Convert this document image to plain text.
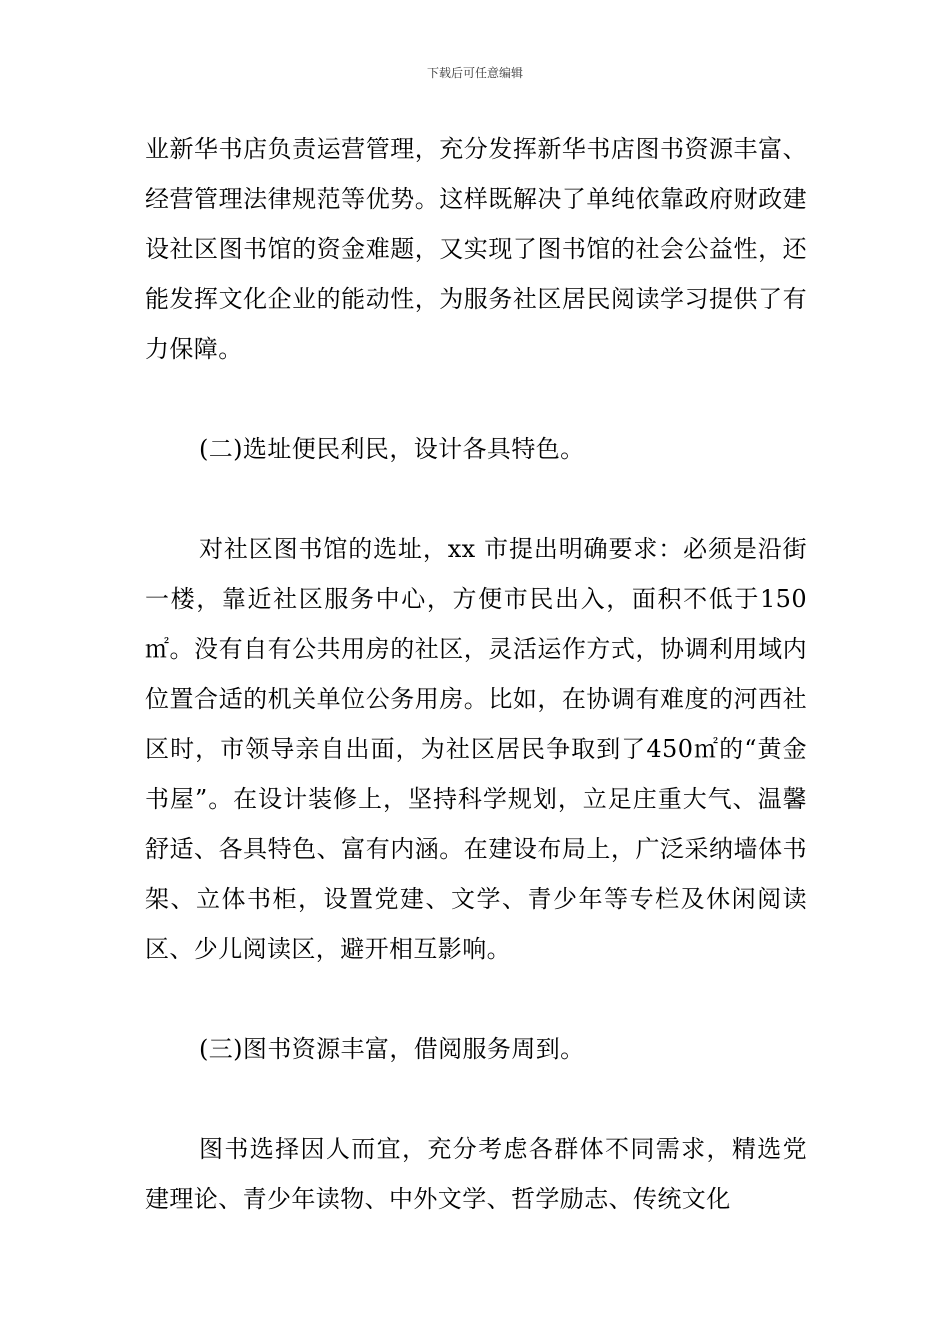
下载后可任意编辑

业新华书店负责运营管理，充分发挥新华书店图书资源丰富、经营管理法律规范等优势。这样既解决了单纯依靠政府财政建设社区图书馆的资金难题，又实现了图书馆的社会公益性，还能发挥文化企业的能动性，为服务社区居民阅读学习提供了有力保障。

(二)选址便民利民，设计各具特色。

对社区图书馆的选址，xx 市提出明确要求：必须是沿街一楼，靠近社区服务中心，方便市民出入，面积不低于150㎡。没有自有公共用房的社区，灵活运作方式，协调利用域内位置合适的机关单位公务用房。比如，在协调有难度的河西社区时，市领导亲自出面，为社区居民争取到了450㎡的“黄金书屋”。在设计装修上，坚持科学规划，立足庄重大气、温馨舒适、各具特色、富有内涵。在建设布局上，广泛采纳墙体书架、立体书柜，设置党建、文学、青少年等专栏及休闲阅读区、少儿阅读区，避开相互影响。

(三)图书资源丰富，借阅服务周到。

图书选择因人而宜，充分考虑各群体不同需求，精选党建理论、青少年读物、中外文学、哲学励志、传统文化
